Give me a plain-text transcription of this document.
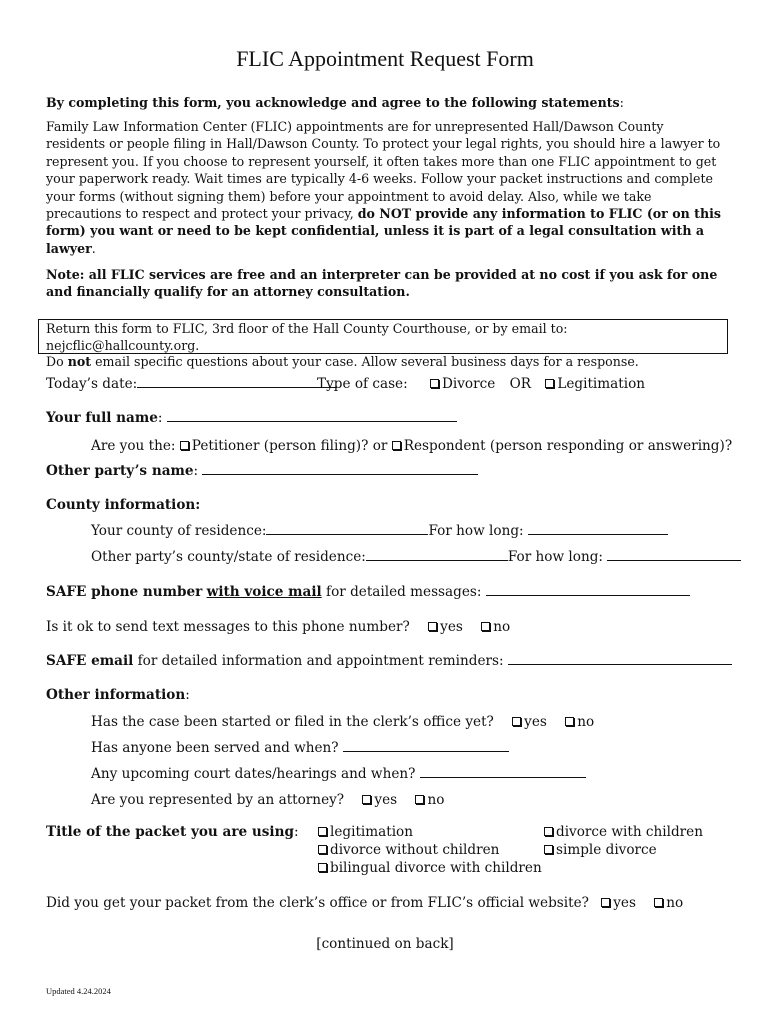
FLIC Appointment Request Form
By completing this form, you acknowledge and agree to the following statements:
Family Law Information Center (FLIC) appointments are for unrepresented Hall/Dawson County residents or people filing in Hall/Dawson County. To protect your legal rights, you should hire a lawyer to represent you. If you choose to represent yourself, it often takes more than one FLIC appointment to get your paperwork ready. Wait times are typically 4-6 weeks. Follow your packet instructions and complete your forms (without signing them) before your appointment to avoid delay. Also, while we take precautions to respect and protect your privacy, do NOT provide any information to FLIC (or on this form) you want or need to be kept confidential, unless it is part of a legal consultation with a lawyer.
Note: all FLIC services are free and an interpreter can be provided at no cost if you ask for one and financially qualify for an attorney consultation.
Return this form to FLIC, 3rd floor of the Hall County Courthouse, or by email to: nejcflic@hallcounty.org.
Do not email specific questions about your case. Allow several business days for a response.
Today’s date:	Type of case:	Divorce OR Legitimation
Your full name:
Are you the: Petitioner (person filing)? or Respondent (person responding or answering)?
Other party’s name:
County information:
Your county of residence:	For how long:
Other party’s county/state of residence:	For how long:
SAFE phone number with voice mail for detailed messages:
Is it ok to send text messages to this phone number? yes no
SAFE email for detailed information and appointment reminders:
Other information:
Has the case been started or filed in the clerk’s office yet? yes no
Has anyone been served and when?
Any upcoming court dates/hearings and when?
Are you represented by an attorney? yes no
Title of the packet you are using:	legitimation	divorce with children
divorce without children	simple divorce
bilingual divorce with children
Did you get your packet from the clerk’s office or from FLIC’s official website? yes no
[continued on back]
Updated 4.24.2024
